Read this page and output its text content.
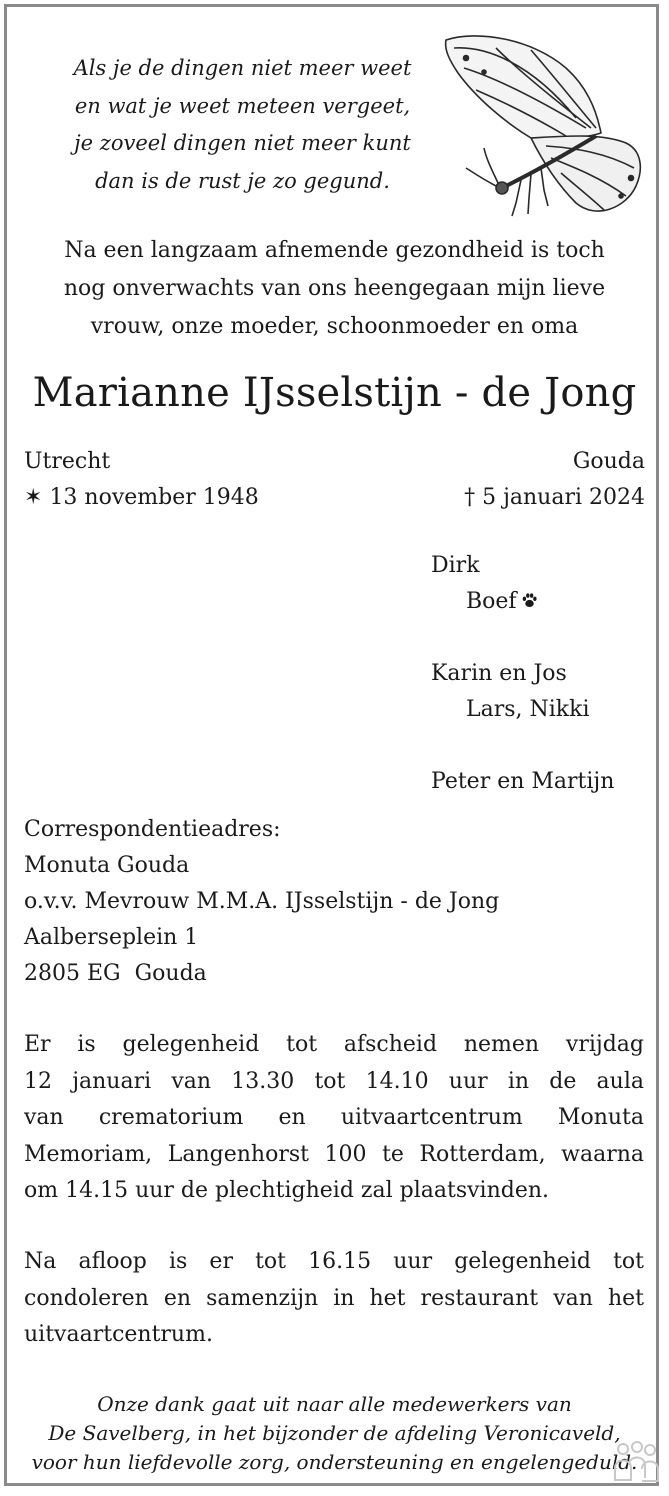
Als je de dingen niet meer weet
en wat je weet meteen vergeet,
je zoveel dingen niet meer kunt
dan is de rust je zo gegund.
Na een langzaam afnemende gezondheid is toch
nog onverwachts van ons heengegaan mijn lieve
vrouw, onze moeder, schoonmoeder en oma
Marianne IJsselstijn - de Jong
Utrecht
✶ 13 november 1948
Gouda
† 5 januari 2024
Dirk
Boef
Karin en Jos
Lars, Nikki
Peter en Martijn
Correspondentieadres:
Monuta Gouda
o.v.v. Mevrouw M.M.A. IJsselstijn - de Jong
Aalberseplein 1
2805 EG  Gouda
Er is gelegenheid tot afscheid nemen vrijdag
12 januari van 13.30 tot 14.10 uur in de aula
van crematorium en uitvaartcentrum Monuta
Memoriam, Langenhorst 100 te Rotterdam, waarna
om 14.15 uur de plechtigheid zal plaatsvinden.
Na afloop is er tot 16.15 uur gelegenheid tot
condoleren en samenzijn in het restaurant van het
uitvaartcentrum.
Onze dank gaat uit naar alle medewerkers van
De Savelberg, in het bijzonder de afdeling Veronicaveld,
voor hun liefdevolle zorg, ondersteuning en engelengeduld.
